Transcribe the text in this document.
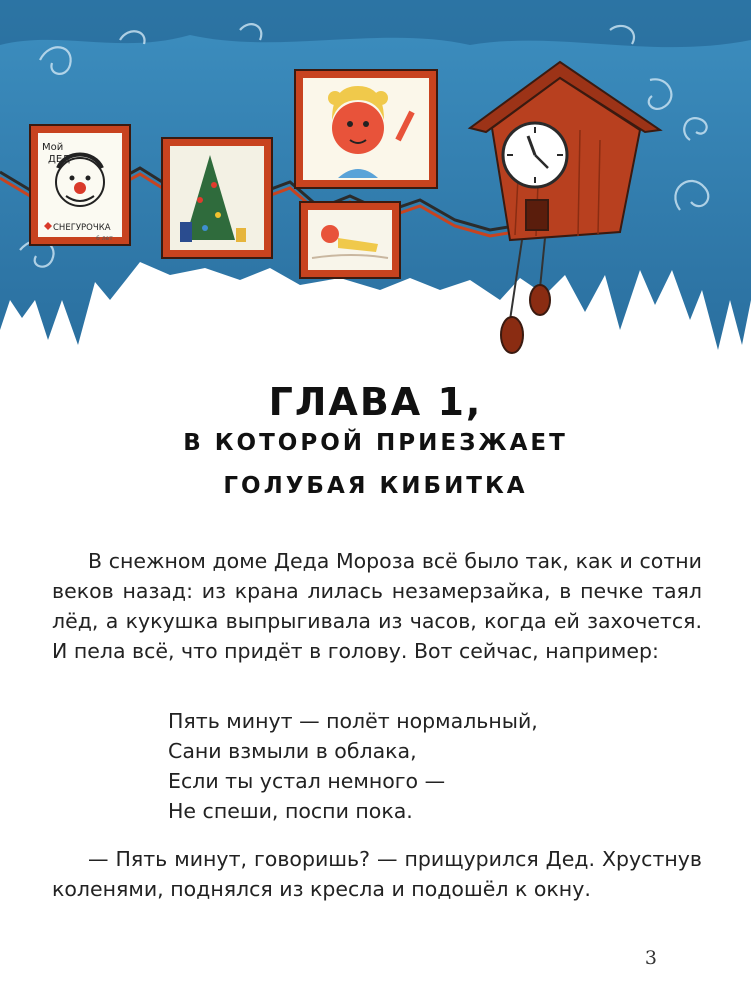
Мой
ДЕД
СНЕГУРОЧКА
6 лет
ГЛАВА 1,
В КОТОРОЙ ПРИЕЗЖАЕТ
ГОЛУБАЯ КИБИТКА

В снежном доме Деда Мороза всё было так, как и сотни веков назад: из крана лилась незамерзайка, в печке таял лёд, а кукушка выпрыгивала из часов, когда ей захочется. И пела всё, что придёт в голову. Вот сейчас, например:

Пять минут — полёт нормальный,
Сани взмыли в облака,
Если ты устал немного —
Не спеши, поспи пока.

— Пять минут, говоришь? — прищурился Дед. Хрустнув коленями, поднялся из кресла и подошёл к окну.

3
